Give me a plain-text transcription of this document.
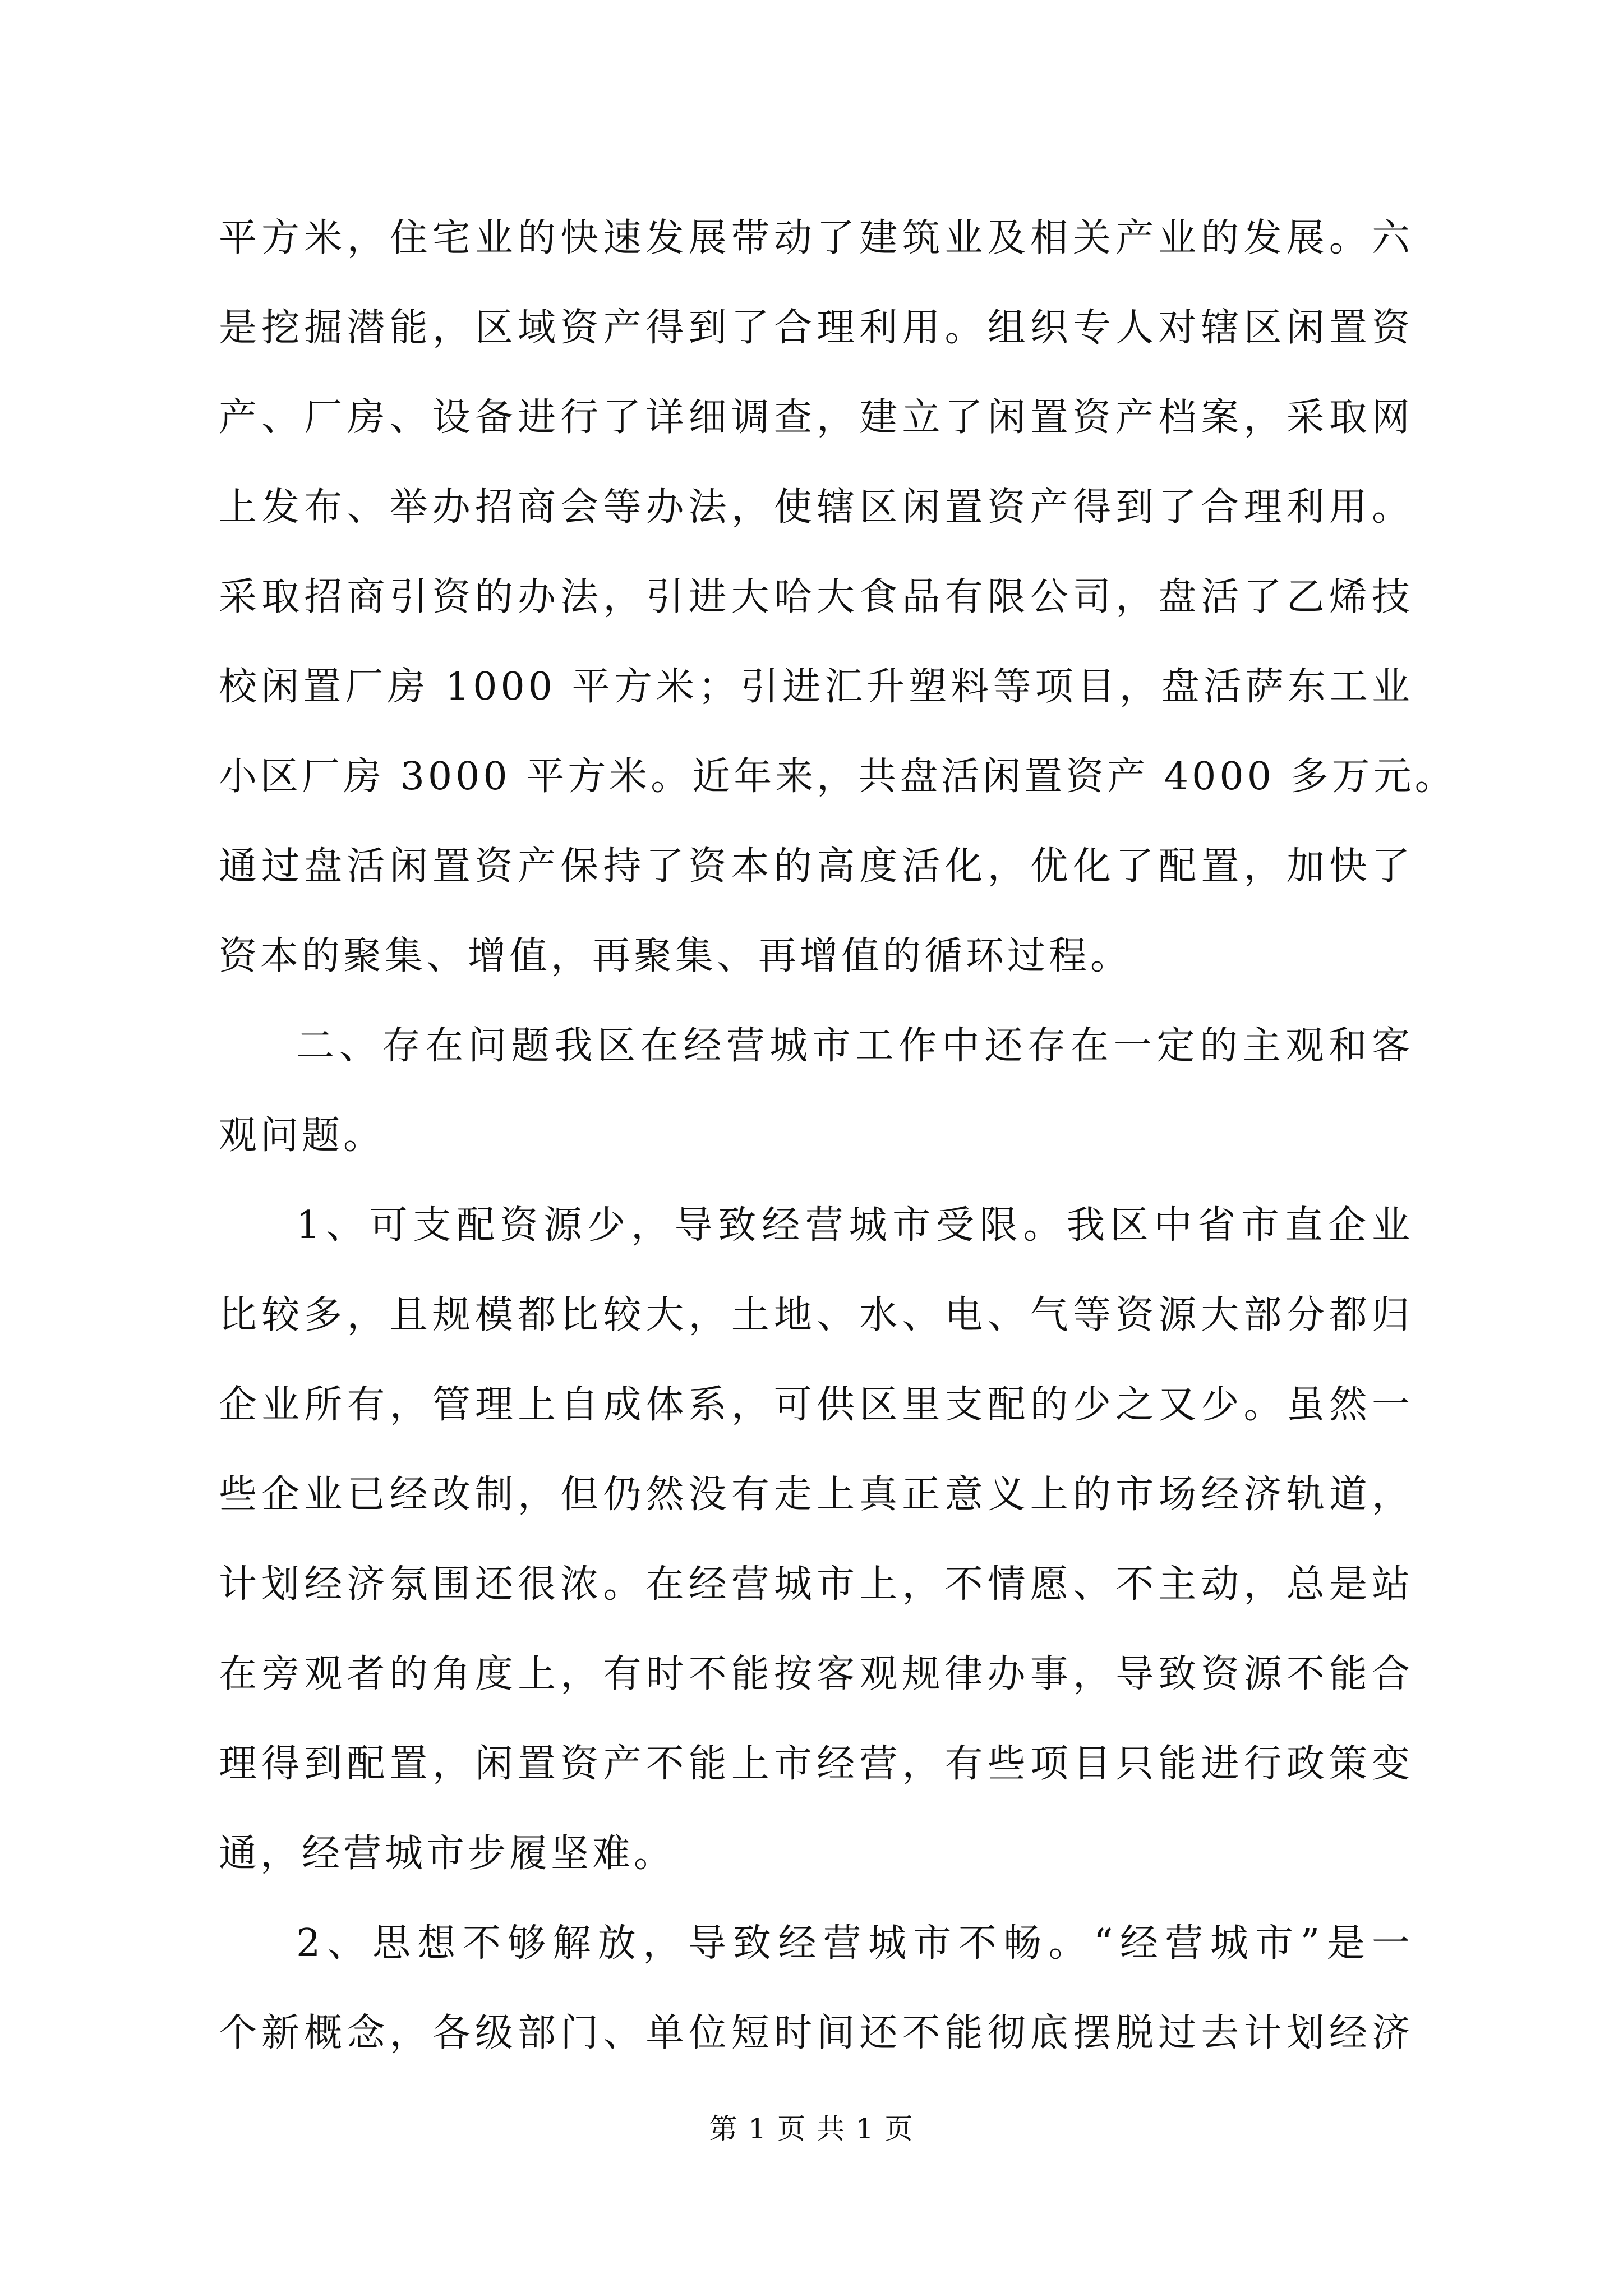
平方米，住宅业的快速发展带动了建筑业及相关产业的发展。六
是挖掘潜能，区域资产得到了合理利用。组织专人对辖区闲置资
产、厂房、设备进行了详细调查，建立了闲置资产档案，采取网
上发布、举办招商会等办法，使辖区闲置资产得到了合理利用。
采取招商引资的办法，引进大哈大食品有限公司，盘活了乙烯技
校闲置厂房 1000 平方米；引进汇升塑料等项目，盘活萨东工业
小区厂房 3000 平方米。近年来，共盘活闲置资产 4000 多万元。
通过盘活闲置资产保持了资本的高度活化，优化了配置，加快了
资本的聚集、增值，再聚集、再增值的循环过程。
二、存在问题我区在经营城市工作中还存在一定的主观和客
观问题。
1、可支配资源少，导致经营城市受限。我区中省市直企业
比较多，且规模都比较大，土地、水、电、气等资源大部分都归
企业所有，管理上自成体系，可供区里支配的少之又少。虽然一
些企业已经改制，但仍然没有走上真正意义上的市场经济轨道，
计划经济氛围还很浓。在经营城市上，不情愿、不主动，总是站
在旁观者的角度上，有时不能按客观规律办事，导致资源不能合
理得到配置，闲置资产不能上市经营，有些项目只能进行政策变
通，经营城市步履坚难。
2、思想不够解放，导致经营城市不畅。“经营城市”是一
个新概念，各级部门、单位短时间还不能彻底摆脱过去计划经济
第 1 页 共 1 页
